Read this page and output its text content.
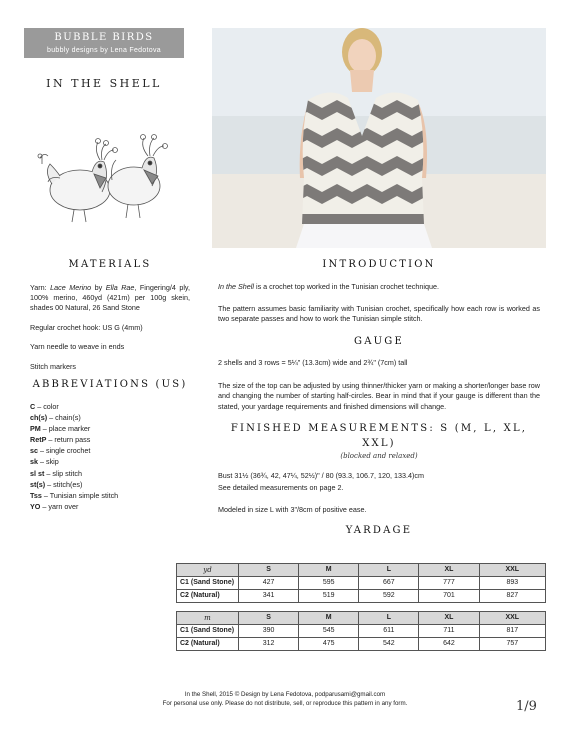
BUBBLE BIRDS
bubbly designs by Lena Fedotova
IN THE SHELL
MATERIALS

Yarn: Lace Merino by Ella Rae, Fingering/4 ply, 100% merino, 460yd (421m) per 100g skein, shades 00 Natural, 26 Sand Stone

Regular crochet hook: US G (4mm)

Yarn needle to weave in ends

Stitch markers

ABBREVIATIONS (US)
C – color
ch(s) – chain(s)
PM – place marker
RetP – return pass
sc – single crochet
sk – skip
sl st – slip stitch
st(s) – stitch(es)
Tss – Tunisian simple stitch
YO – yarn over
INTRODUCTION

In the Shell is a crochet top worked in the Tunisian crochet technique.

The pattern assumes basic familiarity with Tunisian crochet, specifically how each row is worked as two separate passes and how to work the Tunisian simple stitch.

GAUGE

2 shells and 3 rows = 5¼" (13.3cm) wide and 2¾" (7cm) tall

The size of the top can be adjusted by using thinner/thicker yarn or making a shorter/longer base row and changing the number of starting half-circles. Bear in mind that if your gauge is different than the stated, your yardage requirements and finished dimensions will change.

FINISHED MEASUREMENTS: S (M, L, XL, XXL)
(blocked and relaxed)

Bust 31½ (36¾, 42, 47¼, 52½)" / 80 (93.3, 106.7, 120, 133.4)cm

See detailed measurements on page 2.

Modeled in size L with 3"/8cm of positive ease.

YARDAGE
yd	S	M	L	XL	XXL
C1 (Sand Stone)	427	595	667	777	893
C2 (Natural)	341	519	592	701	827
m	S	M	L	XL	XXL
C1 (Sand Stone)	390	545	611	711	817
C2 (Natural)	312	475	542	642	757
In the Shell, 2015 © Design by Lena Fedotova, podparusami@gmail.com
For personal use only. Please do not distribute, sell, or reproduce this pattern in any form.	1/9
